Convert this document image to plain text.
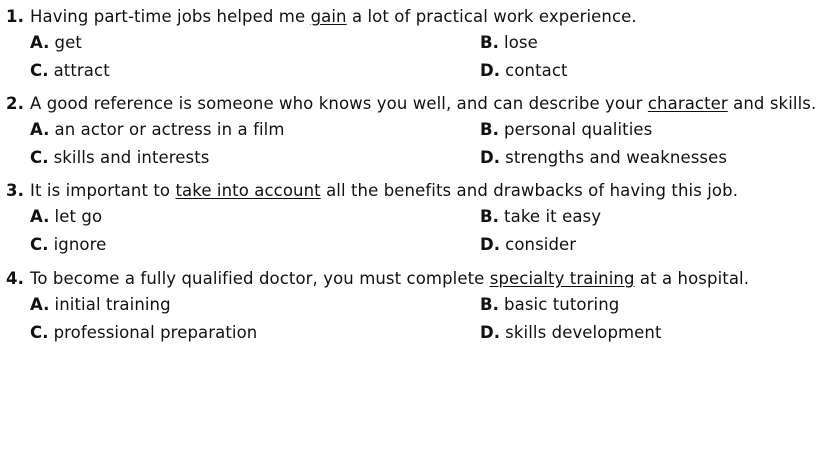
1. Having part-time jobs helped me gain a lot of practical work experience.
A. get	B. lose
C. attract	D. contact
2. A good reference is someone who knows you well, and can describe your character and skills.
A. an actor or actress in a film	B. personal qualities
C. skills and interests	D. strengths and weaknesses
3. It is important to take into account all the benefits and drawbacks of having this job.
A. let go	B. take it easy
C. ignore	D. consider
4. To become a fully qualified doctor, you must complete specialty training at a hospital.
A. initial training	B. basic tutoring
C. professional preparation	D. skills development
